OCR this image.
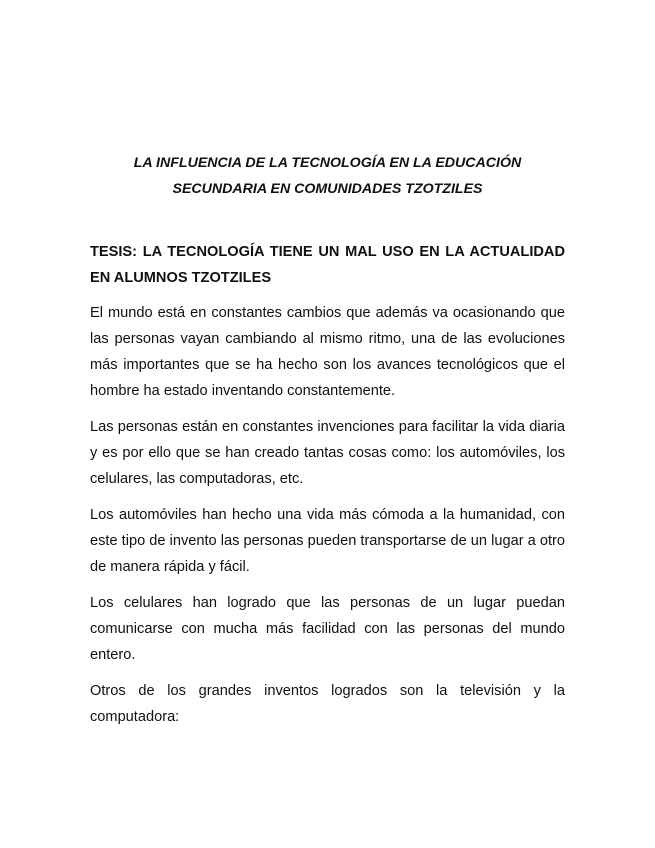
LA INFLUENCIA DE LA TECNOLOGÍA EN LA EDUCACIÓN
SECUNDARIA EN COMUNIDADES TZOTZILES

TESIS: LA TECNOLOGÍA TIENE UN MAL USO EN LA ACTUALIDAD EN ALUMNOS TZOTZILES

El mundo está en constantes cambios que además va ocasionando que las personas vayan cambiando al mismo ritmo, una de las evoluciones más importantes que se ha hecho son los avances tecnológicos que el hombre ha estado inventando constantemente.

Las personas están en constantes invenciones para facilitar la vida diaria y es por ello que se han creado tantas cosas como: los automóviles, los celulares, las computadoras, etc.

Los automóviles han hecho una vida más cómoda a la humanidad, con este tipo de invento las personas pueden transportarse de un lugar a otro de manera rápida y fácil.

Los celulares han logrado que las personas de un lugar puedan comunicarse con mucha más facilidad con las personas del mundo entero.

Otros de los grandes inventos logrados son la televisión y la computadora:
